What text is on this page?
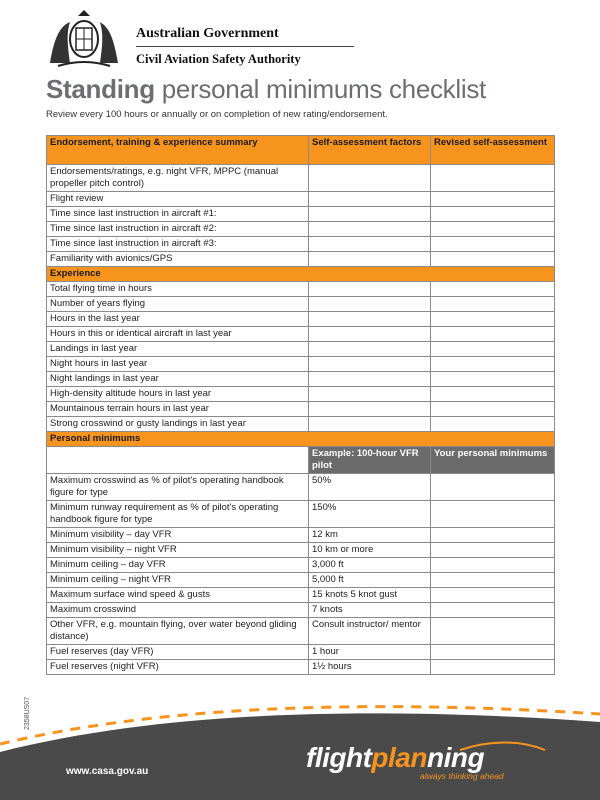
Australian Government
Civil Aviation Safety Authority
Standing personal minimums checklist
Review every 100 hours or annually or on completion of new rating/endorsement.
2358US07
Endorsement, training & experience summary	Self-assessment factors	Revised self-assessment
Endorsements/ratings, e.g. night VFR, MPPC (manual propeller pitch control)		
Flight review		
Time since last instruction in aircraft #1:		
Time since last instruction in aircraft #2:		
Time since last instruction in aircraft #3:		
Familiarity with avionics/GPS		
Experience		
Total flying time in hours		
Number of years flying		
Hours in the last year		
Hours in this or identical aircraft in last year		
Landings in last year		
Night hours in last year		
Night landings in last year		
High-density altitude hours in last year		
Mountainous terrain hours in last year		
Strong crosswind or gusty landings in last year		
Personal minimums		
	Example: 100-hour VFR pilot	Your personal minimums
Maximum crosswind as % of pilot's operating handbook figure for type	50%	
Minimum runway requirement as % of pilot's operating handbook figure for type	150%	
Minimum visibility – day VFR	12 km	
Minimum visibility – night VFR	10 km or more	
Minimum ceiling – day VFR	3,000 ft	
Minimum ceiling – night VFR	5,000 ft	
Maximum surface wind speed & gusts	15 knots 5 knot gust	
Maximum crosswind	7 knots	
Other VFR, e.g. mountain flying, over water beyond gliding distance)	Consult instructor/ mentor	
Fuel reserves (day VFR)	1 hour	
Fuel reserves (night VFR)	1½ hours	
www.casa.gov.au	flightplanning
always thinking ahead
